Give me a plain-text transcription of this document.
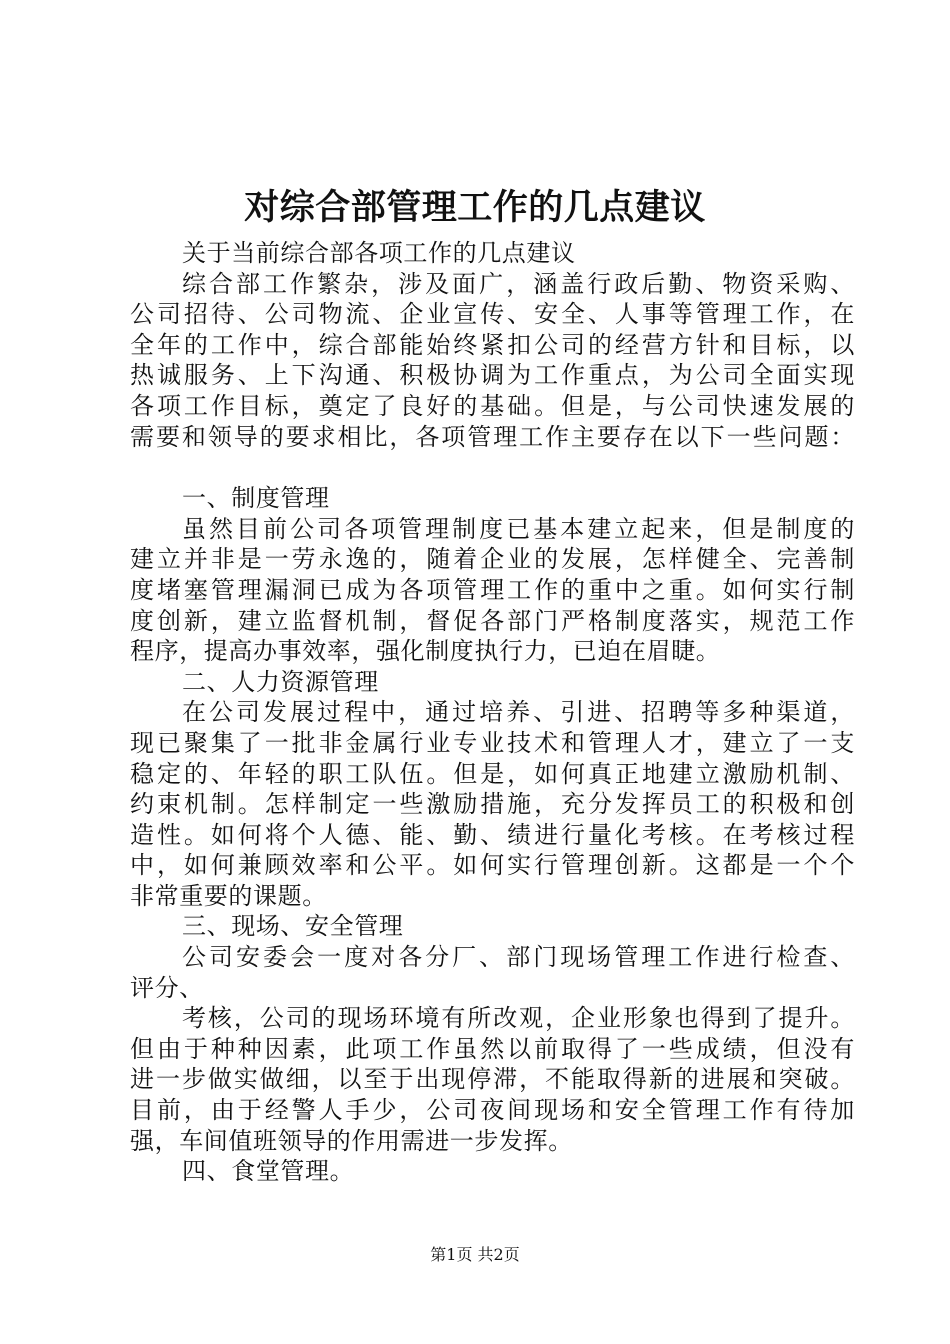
对综合部管理工作的几点建议
关于当前综合部各项工作的几点建议
综合部工作繁杂，涉及面广，涵盖行政后勤、物资采购、
公司招待、公司物流、企业宣传、安全、人事等管理工作，在
全年的工作中，综合部能始终紧扣公司的经营方针和目标，以
热诚服务、上下沟通、积极协调为工作重点，为公司全面实现
各项工作目标，奠定了良好的基础。但是，与公司快速发展的
需要和领导的要求相比，各项管理工作主要存在以下一些问题：
一、制度管理
虽然目前公司各项管理制度已基本建立起来，但是制度的
建立并非是一劳永逸的，随着企业的发展，怎样健全、完善制
度堵塞管理漏洞已成为各项管理工作的重中之重。如何实行制
度创新，建立监督机制，督促各部门严格制度落实，规范工作
程序，提高办事效率，强化制度执行力，已迫在眉睫。
二、人力资源管理
在公司发展过程中，通过培养、引进、招聘等多种渠道，
现已聚集了一批非金属行业专业技术和管理人才，建立了一支
稳定的、年轻的职工队伍。但是，如何真正地建立激励机制、
约束机制。怎样制定一些激励措施，充分发挥员工的积极和创
造性。如何将个人德、能、勤、绩进行量化考核。在考核过程
中，如何兼顾效率和公平。如何实行管理创新。这都是一个个
非常重要的课题。
三、现场、安全管理
公司安委会一度对各分厂、部门现场管理工作进行检查、
评分、
考核，公司的现场环境有所改观，企业形象也得到了提升。
但由于种种因素，此项工作虽然以前取得了一些成绩，但没有
进一步做实做细，以至于出现停滞，不能取得新的进展和突破。
目前，由于经警人手少，公司夜间现场和安全管理工作有待加
强，车间值班领导的作用需进一步发挥。
四、食堂管理。
第1页 共2页
